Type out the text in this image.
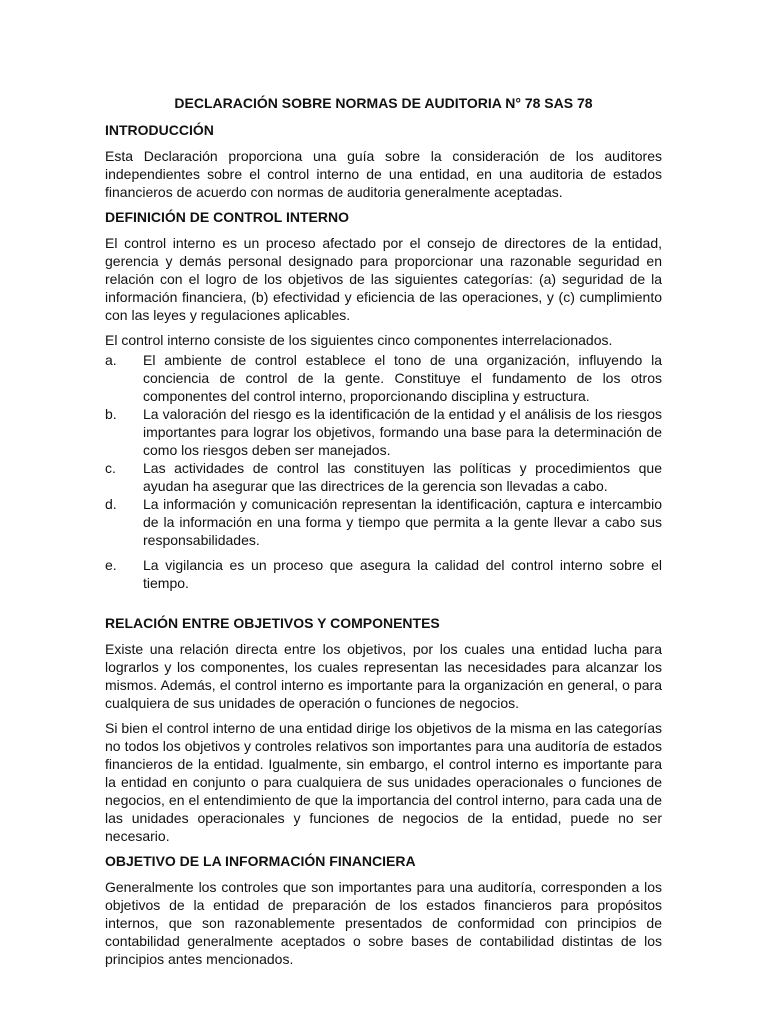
DECLARACIÓN SOBRE NORMAS DE AUDITORIA N° 78 SAS 78
INTRODUCCIÓN

Esta Declaración proporciona una guía sobre la consideración de los auditores independientes sobre el control interno de una entidad, en una auditoria de estados financieros de acuerdo con normas de auditoria generalmente aceptadas.

DEFINICIÓN DE CONTROL INTERNO

El control interno es un proceso afectado por el consejo de directores de la entidad, gerencia y demás personal designado para proporcionar una razonable seguridad en relación con el logro de los objetivos de las siguientes categorías: (a) seguridad de la información financiera, (b) efectividad y eficiencia de las operaciones, y (c) cumplimiento con las leyes y regulaciones aplicables.

El control interno consiste de los siguientes cinco componentes interrelacionados.

a.	El ambiente de control establece el tono de una organización, influyendo la conciencia de control de la gente. Constituye el fundamento de los otros componentes del control interno, proporcionando disciplina y estructura.
b.	La valoración del riesgo es la identificación de la entidad y el análisis de los riesgos importantes para lograr los objetivos, formando una base para la determinación de como los riesgos deben ser manejados.
c.	Las actividades de control las constituyen las políticas y procedimientos que ayudan ha asegurar que las directrices de la gerencia son llevadas a cabo.
d.	La información y comunicación representan la identificación, captura e intercambio de la información en una forma y tiempo que permita a la gente llevar a cabo sus responsabilidades.
e.	La vigilancia es un proceso que asegura la calidad del control interno sobre el tiempo.
RELACIÓN ENTRE OBJETIVOS Y COMPONENTES

Existe una relación directa entre los objetivos, por los cuales una entidad lucha para lograrlos y los componentes, los cuales representan las necesidades para alcanzar los mismos. Además, el control interno es importante para la organización en general, o para cualquiera de sus unidades de operación o funciones de negocios.

Si bien el control interno de una entidad dirige los objetivos de la misma en las categorías no todos los objetivos y controles relativos son importantes para una auditoría de estados financieros de la entidad. Igualmente, sin embargo, el control interno es importante para la entidad en conjunto o para cualquiera de sus unidades operacionales o funciones de negocios, en el entendimiento de que la importancia del control interno, para cada una de las unidades operacionales y funciones de negocios de la entidad, puede no ser necesario.

OBJETIVO DE LA INFORMACIÓN FINANCIERA

Generalmente los controles que son importantes para una auditoría, corresponden a los objetivos de la entidad de preparación de los estados financieros para propósitos internos, que son razonablemente presentados de conformidad con principios de contabilidad generalmente aceptados o sobre bases de contabilidad distintas de los principios antes mencionados.
